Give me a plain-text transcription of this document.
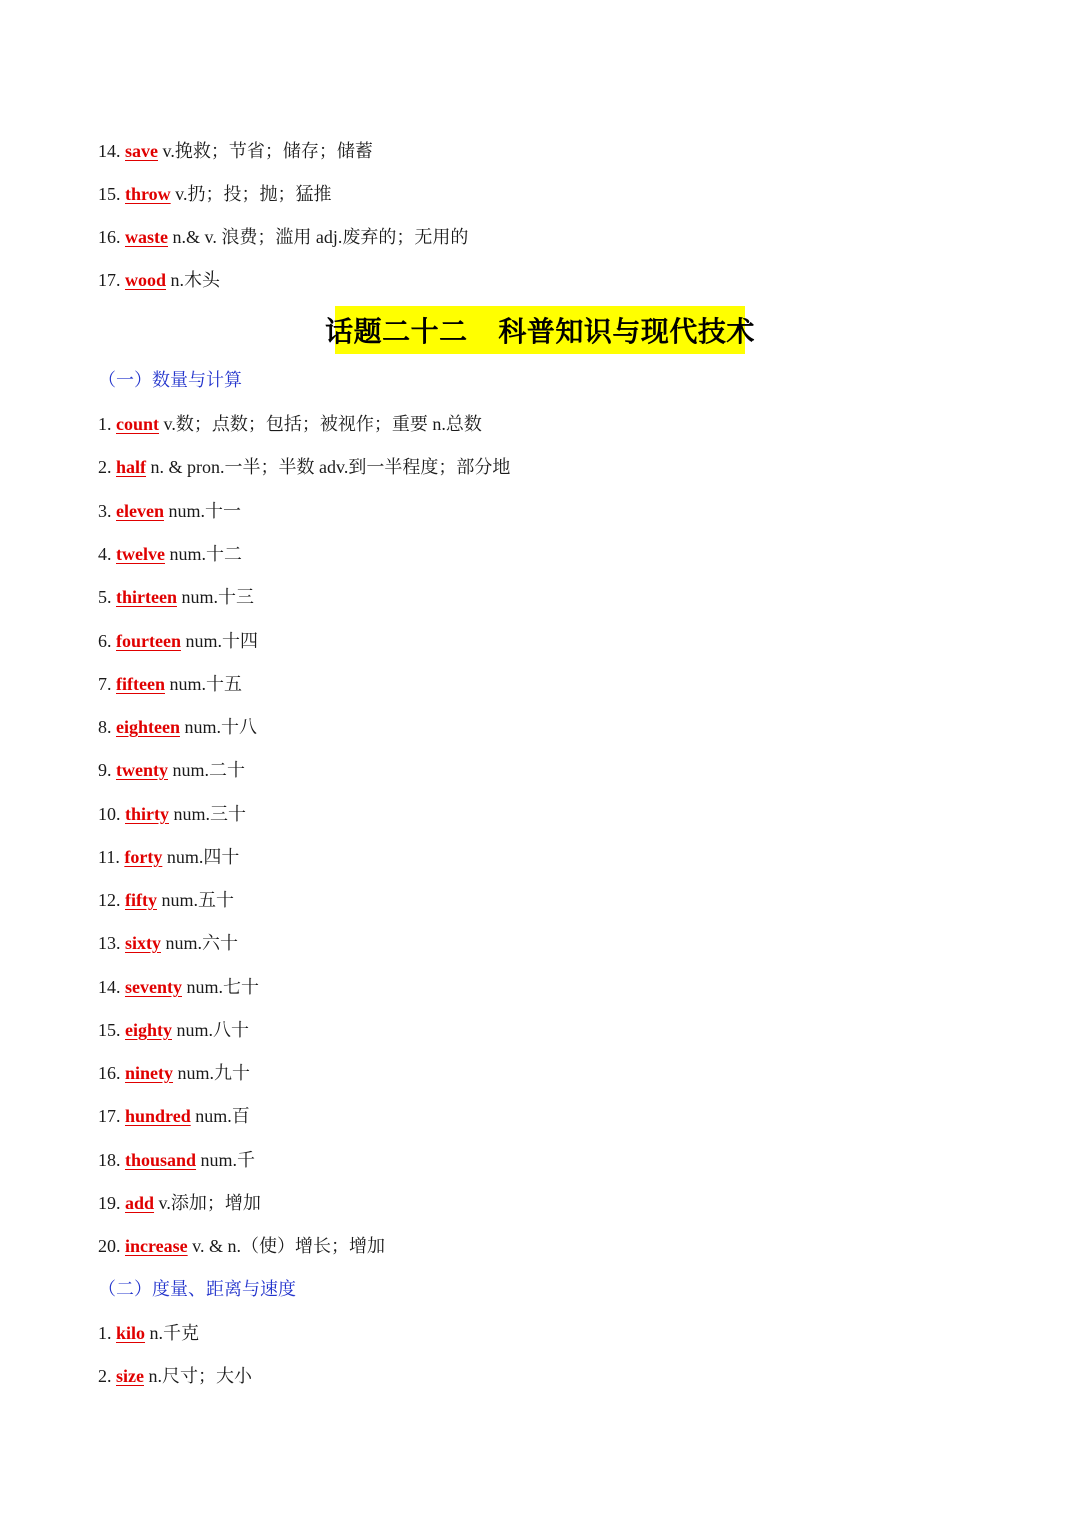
14. save v.挽救；节省；储存；储蓄
15. throw v.扔；投；抛；猛推
16. waste n.& v. 浪费；滥用 adj.废弃的；无用的
17. wood n.木头
话题二十二   科普知识与现代技术
（一）数量与计算
1. count v.数；点数；包括；被视作；重要 n.总数
2. half n. & pron.一半；半数 adv.到一半程度；部分地
3. eleven num.十一
4. twelve num.十二
5. thirteen num.十三
6. fourteen num.十四
7. fifteen num.十五
8. eighteen num.十八
9. twenty num.二十
10. thirty num.三十
11. forty num.四十
12. fifty num.五十
13. sixty num.六十
14. seventy num.七十
15. eighty num.八十
16. ninety num.九十
17. hundred num.百
18. thousand num.千
19. add v.添加；增加
20. increase v. & n.（使）增长；增加
（二）度量、距离与速度
1. kilo n.千克
2. size n.尺寸；大小
